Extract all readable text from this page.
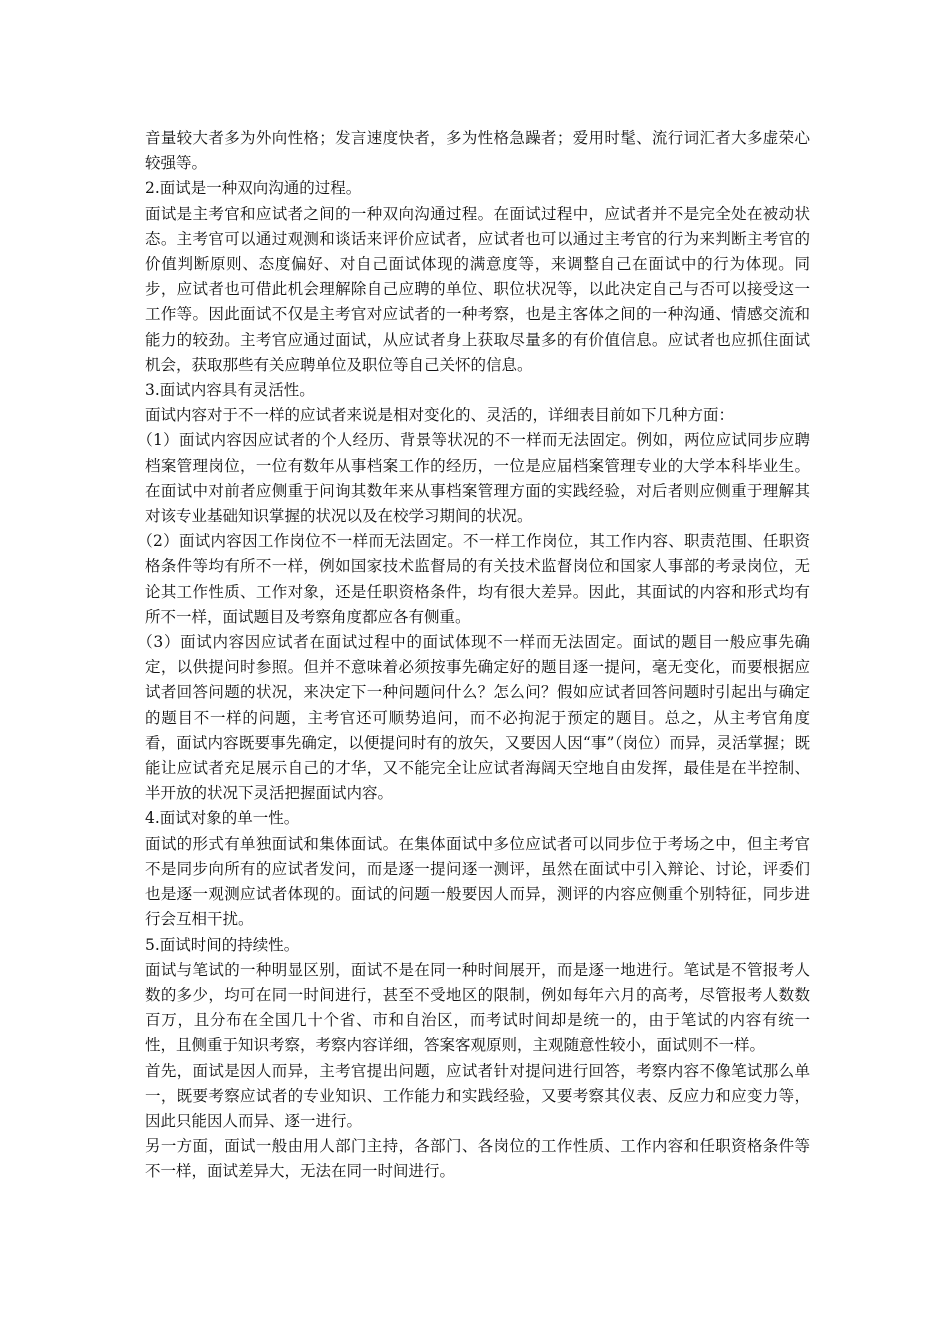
音量较大者多为外向性格；发言速度快者，多为性格急躁者；爱用时髦、流行词汇者大多虚荣心较强等。

2.面试是一种双向沟通的过程。

面试是主考官和应试者之间的一种双向沟通过程。在面试过程中，应试者并不是完全处在被动状态。主考官可以通过观测和谈话来评价应试者，应试者也可以通过主考官的行为来判断主考官的价值判断原则、态度偏好、对自己面试体现的满意度等，来调整自己在面试中的行为体现。同步，应试者也可借此机会理解除自己应聘的单位、职位状况等，以此决定自己与否可以接受这一工作等。因此面试不仅是主考官对应试者的一种考察，也是主客体之间的一种沟通、情感交流和能力的较劲。主考官应通过面试，从应试者身上获取尽量多的有价值信息。应试者也应抓住面试机会，获取那些有关应聘单位及职位等自己关怀的信息。

3.面试内容具有灵活性。

面试内容对于不一样的应试者来说是相对变化的、灵活的，详细表目前如下几种方面：

（1）面试内容因应试者的个人经历、背景等状况的不一样而无法固定。例如，两位应试同步应聘档案管理岗位，一位有数年从事档案工作的经历，一位是应届档案管理专业的大学本科毕业生。在面试中对前者应侧重于问询其数年来从事档案管理方面的实践经验，对后者则应侧重于理解其对该专业基础知识掌握的状况以及在校学习期间的状况。

（2）面试内容因工作岗位不一样而无法固定。不一样工作岗位，其工作内容、职责范围、任职资格条件等均有所不一样，例如国家技术监督局的有关技术监督岗位和国家人事部的考录岗位，无论其工作性质、工作对象，还是任职资格条件，均有很大差异。因此，其面试的内容和形式均有所不一样，面试题目及考察角度都应各有侧重。

（3）面试内容因应试者在面试过程中的面试体现不一样而无法固定。面试的题目一般应事先确定，以供提问时参照。但并不意味着必须按事先确定好的题目逐一提问，毫无变化，而要根据应试者回答问题的状况，来决定下一种问题问什么？怎么问？假如应试者回答问题时引起出与确定的题目不一样的问题，主考官还可顺势追问，而不必拘泥于预定的题目。总之，从主考官角度看，面试内容既要事先确定，以便提问时有的放矢，又要因人因“事”（岗位）而异，灵活掌握；既能让应试者充足展示自己的才华，又不能完全让应试者海阔天空地自由发挥，最佳是在半控制、半开放的状况下灵活把握面试内容。

4.面试对象的单一性。

面试的形式有单独面试和集体面试。在集体面试中多位应试者可以同步位于考场之中，但主考官不是同步向所有的应试者发问，而是逐一提问逐一测评，虽然在面试中引入辩论、讨论，评委们也是逐一观测应试者体现的。面试的问题一般要因人而异，测评的内容应侧重个别特征，同步进行会互相干扰。

5.面试时间的持续性。

面试与笔试的一种明显区别，面试不是在同一种时间展开，而是逐一地进行。笔试是不管报考人数的多少，均可在同一时间进行，甚至不受地区的限制，例如每年六月的高考，尽管报考人数数百万，且分布在全国几十个省、市和自治区，而考试时间却是统一的，由于笔试的内容有统一性，且侧重于知识考察，考察内容详细，答案客观原则，主观随意性较小，面试则不一样。

首先，面试是因人而异，主考官提出问题，应试者针对提问进行回答，考察内容不像笔试那么单一，既要考察应试者的专业知识、工作能力和实践经验，又要考察其仪表、反应力和应变力等，因此只能因人而异、逐一进行。

另一方面，面试一般由用人部门主持，各部门、各岗位的工作性质、工作内容和任职资格条件等不一样，面试差异大，无法在同一时间进行。
